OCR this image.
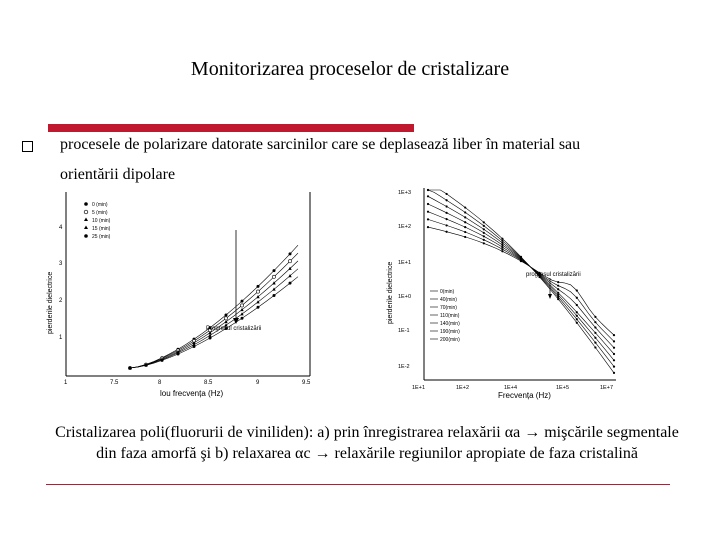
Monitorizarea proceselor de cristalizare
procesele de polarizare datorate sarcinilor care se deplasează liber în material sau
orientării dipolare
4
3
2
1
1	7.5	8	8.5	9	9.5
pierderile dielectrice
lou frecvența (Hz)
0 (min)
5 (min)
10 (min)
15 (min)
25 (min)
Progresul cristalizării
1E+3
1E+2
1E+1
1E+0
1E-1
1E-2
1E+1	1E+2	1E+4	1E+5	1E+7
pierderile dielectrice
Frecvența (Hz)
progresul cristalizării
0(min)
40(min)
70(min)
110(min)
140(min)
190(min)
200(min)
Cristalizarea poli(fluorurii de viniliden): a) prin înregistrarea relaxării αa → mişcările segmentale
din faza amorfă şi b) relaxarea αc → relaxările regiunilor apropiate de faza cristalină
